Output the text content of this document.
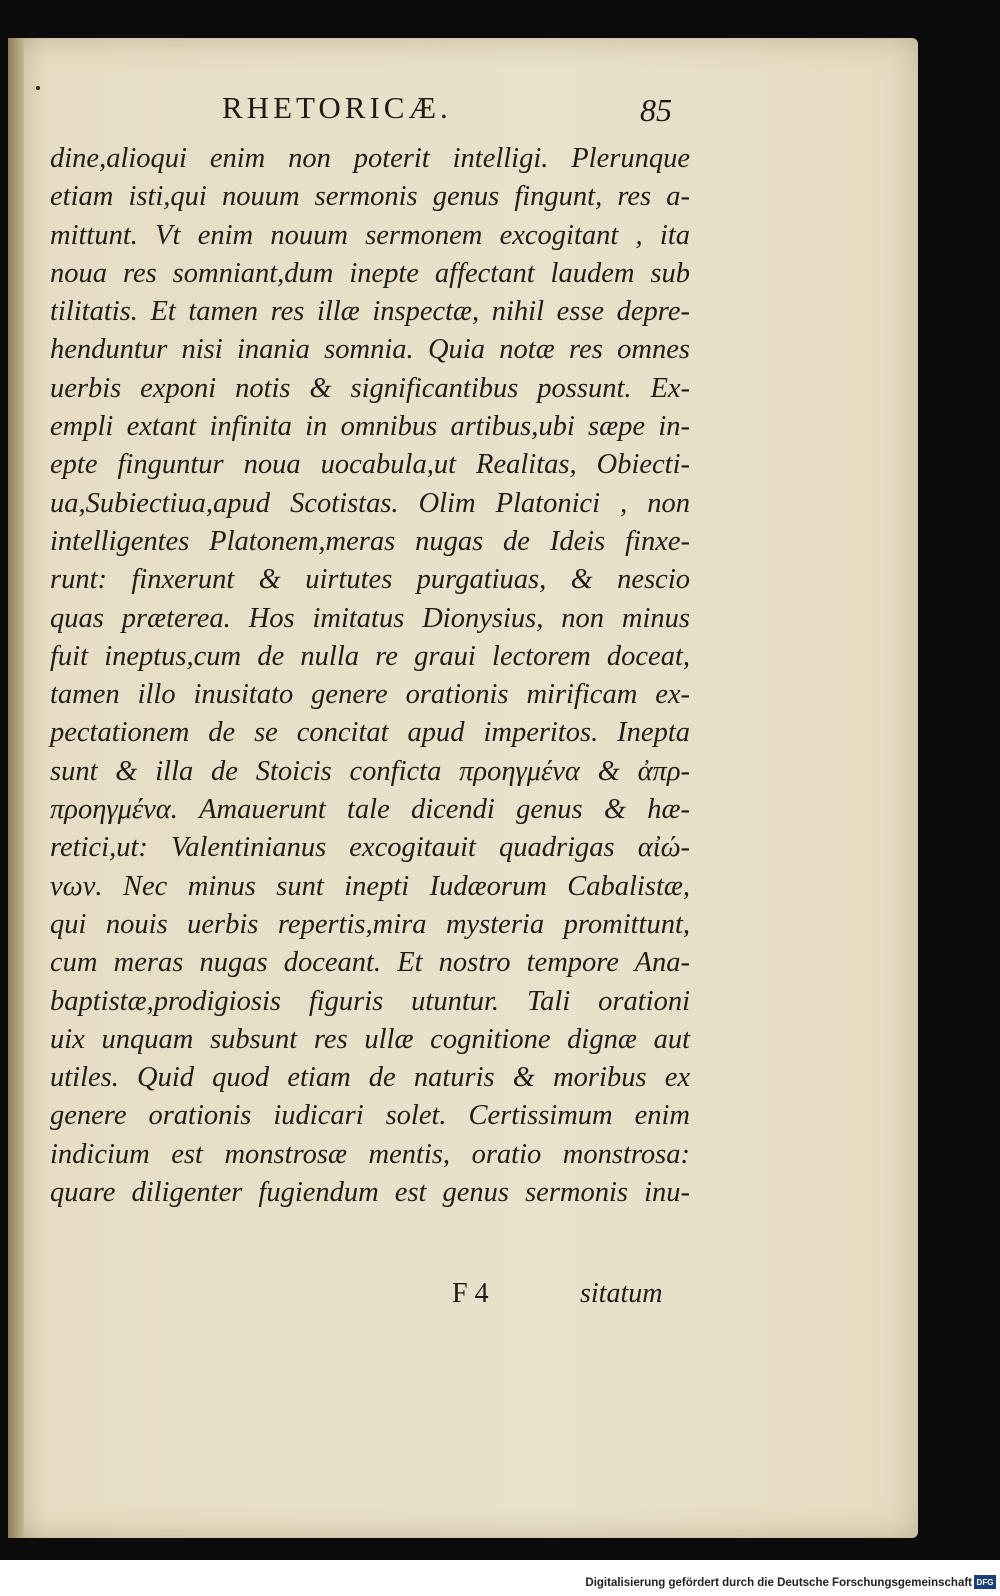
RHETORICÆ.	85
dine,alioqui enim non poterit intelligi. Plerunque
etiam isti,qui nouum sermonis genus fingunt, res a-
mittunt. Vt enim nouum sermonem excogitant , ita
noua res somniant,dum inepte affectant laudem sub
tilitatis. Et tamen res illæ inspectæ, nihil esse depre-
henduntur nisi inania somnia. Quia notæ res omnes
uerbis exponi notis & significantibus possunt. Ex-
empli extant infinita in omnibus artibus,ubi sæpe in-
epte finguntur noua uocabula,ut Realitas, Obiecti-
ua,Subiectiua,apud Scotistas. Olim Platonici , non
intelligentes Platonem,meras nugas de Ideis finxe-
runt: finxerunt & uirtutes purgatiuas, & nescio
quas præterea. Hos imitatus Dionysius, non minus
fuit ineptus,cum de nulla re graui lectorem doceat,
tamen illo inusitato genere orationis mirificam ex-
pectationem de se concitat apud imperitos. Inepta
sunt & illa de Stoicis conficta προηγμένα & ἀπρ-
προηγμένα. Amauerunt tale dicendi genus & hæ-
retici,ut: Valentinianus excogitauit quadrigas αἰώ-
νων. Nec minus sunt inepti Iudæorum Cabalistæ,
qui nouis uerbis repertis,mira mysteria promittunt,
cum meras nugas doceant. Et nostro tempore Ana-
baptistæ,prodigiosis figuris utuntur. Tali orationi
uix unquam subsunt res ullæ cognitione dignæ aut
utiles. Quid quod etiam de naturis & moribus ex
genere orationis iudicari solet. Certissimum enim
indicium est monstrosæ mentis, oratio monstrosa:
quare diligenter fugiendum est genus sermonis inu-
F 4	sitatum
Digitalisierung gefördert durch die Deutsche Forschungsgemeinschaft DFG
